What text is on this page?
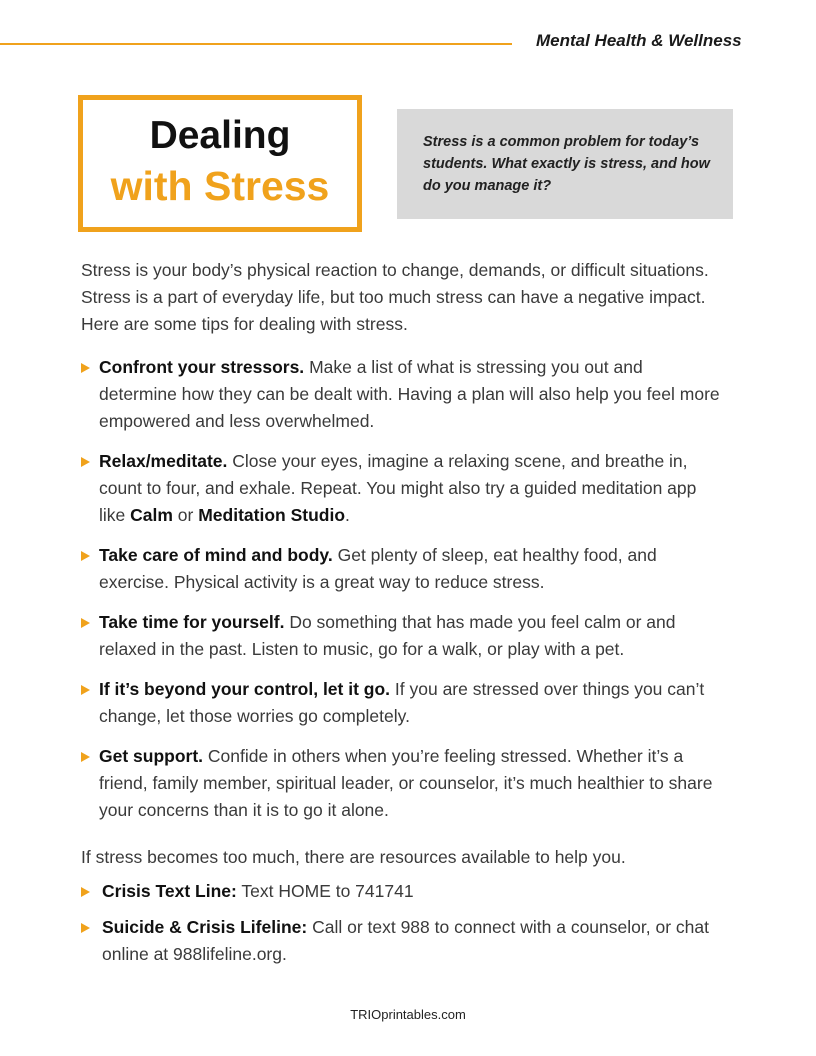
Mental Health & Wellness
Dealing
with Stress
Stress is a common problem for today’s students. What exactly is stress, and how do you manage it?

Stress is your body’s physical reaction to change, demands, or difficult situations. Stress is a part of everyday life, but too much stress can have a negative impact. Here are some tips for dealing with stress.

Confront your stressors. Make a list of what is stressing you out and determine how they can be dealt with. Having a plan will also help you feel more empowered and less overwhelmed.
Relax/meditate. Close your eyes, imagine a relaxing scene, and breathe in, count to four, and exhale. Repeat. You might also try a guided meditation app like Calm or Meditation Studio.
Take care of mind and body. Get plenty of sleep, eat healthy food, and exercise. Physical activity is a great way to reduce stress.
Take time for yourself. Do something that has made you feel calm or and relaxed in the past. Listen to music, go for a walk, or play with a pet.
If it’s beyond your control, let it go. If you are stressed over things you can’t change, let those worries go completely.
Get support. Confide in others when you’re feeling stressed. Whether it’s a friend, family member, spiritual leader, or counselor, it’s much healthier to share your concerns than it is to go it alone.

If stress becomes too much, there are resources available to help you.

Crisis Text Line: Text HOME to 741741
Suicide & Crisis Lifeline: Call or text 988 to connect with a counselor, or chat online at 988lifeline.org.
TRIOprintables.com
